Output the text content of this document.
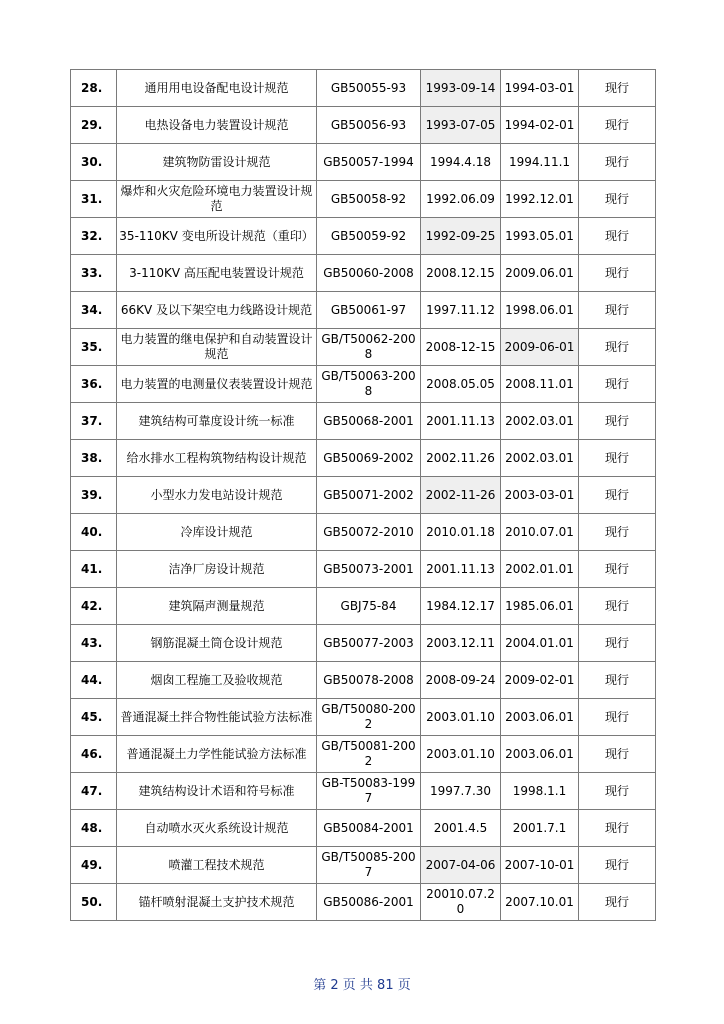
28.	通用用电设备配电设计规范	GB50055-93	1993-09-14	1994-03-01	现行
29.	电热设备电力装置设计规范	GB50056-93	1993-07-05	1994-02-01	现行
30.	建筑物防雷设计规范	GB50057-1994	1994.4.18	1994.11.1	现行
31.	爆炸和火灾危险环境电力装置设计规范	GB50058-92	1992.06.09	1992.12.01	现行
32.	35-110KV 变电所设计规范（重印）	GB50059-92	1992-09-25	1993.05.01	现行
33.	3-110KV 高压配电装置设计规范	GB50060-2008	2008.12.15	2009.06.01	现行
34.	66KV 及以下架空电力线路设计规范	GB50061-97	1997.11.12	1998.06.01	现行
35.	电力装置的继电保护和自动装置设计规范	GB/T50062-2008	2008-12-15	2009-06-01	现行
36.	电力装置的电测量仪表装置设计规范	GB/T50063-2008	2008.05.05	2008.11.01	现行
37.	建筑结构可靠度设计统一标准	GB50068-2001	2001.11.13	2002.03.01	现行
38.	给水排水工程构筑物结构设计规范	GB50069-2002	2002.11.26	2002.03.01	现行
39.	小型水力发电站设计规范	GB50071-2002	2002-11-26	2003-03-01	现行
40.	冷库设计规范	GB50072-2010	2010.01.18	2010.07.01	现行
41.	洁净厂房设计规范	GB50073-2001	2001.11.13	2002.01.01	现行
42.	建筑隔声测量规范	GBJ75-84	1984.12.17	1985.06.01	现行
43.	钢筋混凝土筒仓设计规范	GB50077-2003	2003.12.11	2004.01.01	现行
44.	烟囱工程施工及验收规范	GB50078-2008	2008-09-24	2009-02-01	现行
45.	普通混凝土拌合物性能试验方法标准	GB/T50080-2002	2003.01.10	2003.06.01	现行
46.	普通混凝土力学性能试验方法标准	GB/T50081-2002	2003.01.10	2003.06.01	现行
47.	建筑结构设计术语和符号标准	GB-T50083-1997	1997.7.30	1998.1.1	现行
48.	自动喷水灭火系统设计规范	GB50084-2001	2001.4.5	2001.7.1	现行
49.	喷灌工程技术规范	GB/T50085-2007	2007-04-06	2007-10-01	现行
50.	锚杆喷射混凝土支护技术规范	GB50086-2001	20010.07.20	2007.10.01	现行
第 2 页 共 81 页
